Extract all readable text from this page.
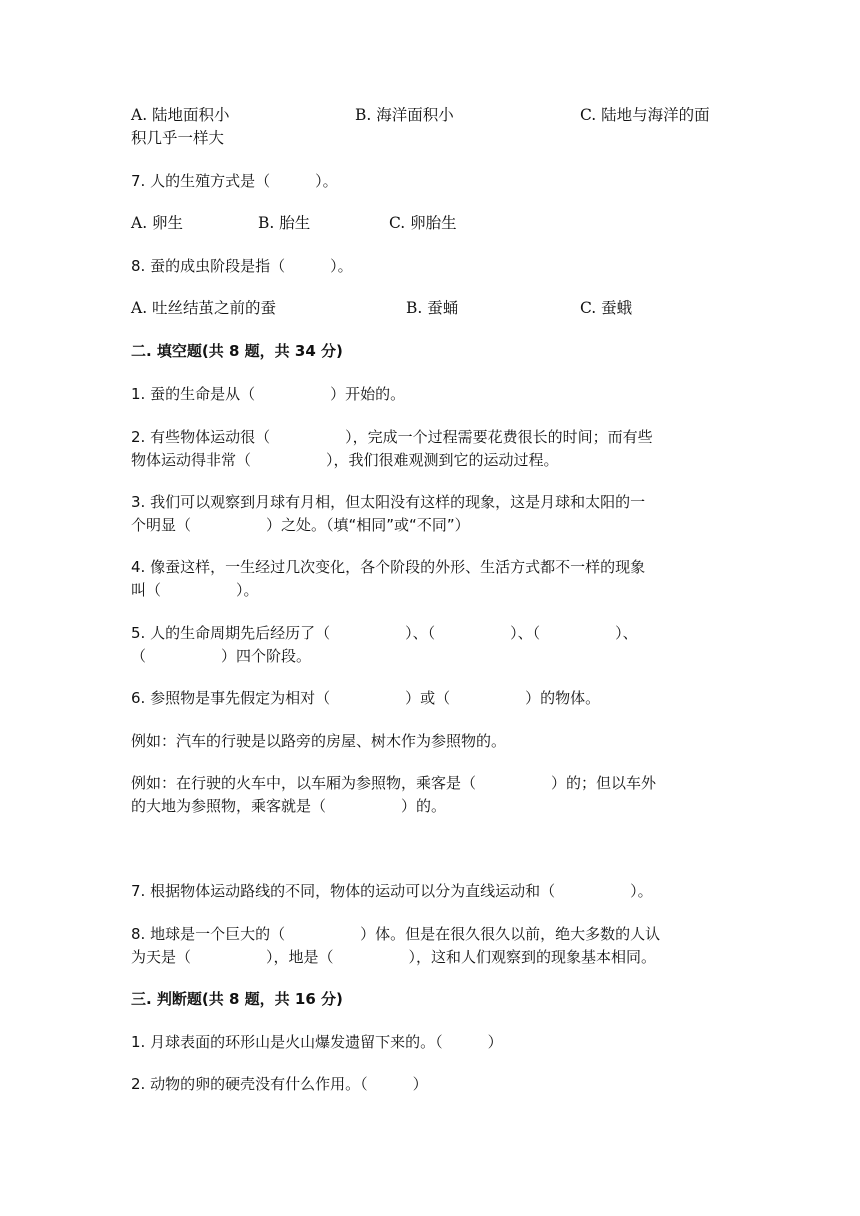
A. 陆地面积小	B. 海洋面积小	C. 陆地与海洋的面
积几乎一样大
7. 人的生殖方式是（　　　）。
A. 卵生	B. 胎生	C. 卵胎生
8. 蚕的成虫阶段是指（　　　）。
A. 吐丝结茧之前的蚕	B. 蚕蛹	C. 蚕蛾
二. 填空题(共 8 题，共 34 分)
1. 蚕的生命是从（　　　　　）开始的。
2. 有些物体运动很（　　　　　），完成一个过程需要花费很长的时间；而有些
物体运动得非常（　　　　　），我们很难观测到它的运动过程。
3. 我们可以观察到月球有月相，但太阳没有这样的现象，这是月球和太阳的一
个明显（　　　　　）之处。（填“相同”或“不同”）
4. 像蚕这样，一生经过几次变化，各个阶段的外形、生活方式都不一样的现象
叫（　　　　　）。
5. 人的生命周期先后经历了（　　　　　）、（　　　　　）、（　　　　　）、
（　　　　　）四个阶段。
6. 参照物是事先假定为相对（　　　　　）或（　　　　　）的物体。
例如：汽车的行驶是以路旁的房屋、树木作为参照物的。
例如：在行驶的火车中，以车厢为参照物，乘客是（　　　　　）的；但以车外
的大地为参照物，乘客就是（　　　　　）的。
7. 根据物体运动路线的不同，物体的运动可以分为直线运动和（　　　　　）。
8. 地球是一个巨大的（　　　　　）体。但是在很久很久以前，绝大多数的人认
为天是（　　　　　），地是（　　　　　），这和人们观察到的现象基本相同。
三. 判断题(共 8 题，共 16 分)
1. 月球表面的环形山是火山爆发遗留下来的。（　　　）
2. 动物的卵的硬壳没有什么作用。（　　　）
